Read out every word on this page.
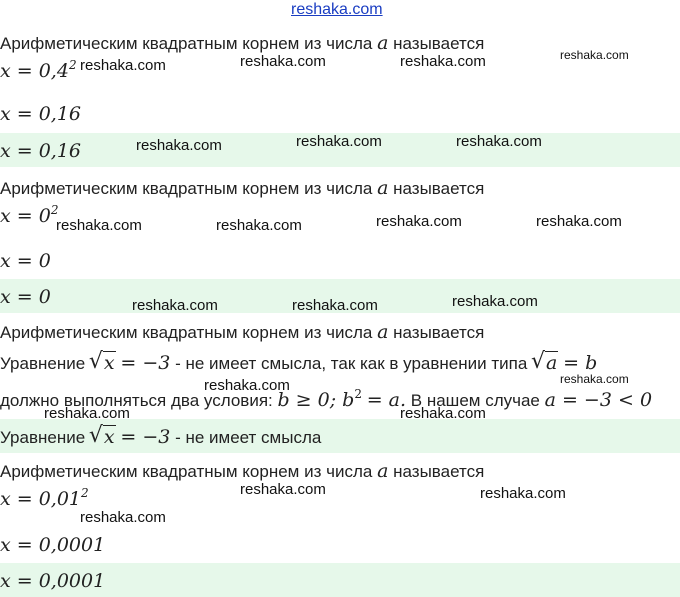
reshaka.com
Арифметическим квадратным корнем из числа a называется
$x = 0,4^2$
x = 0,16
x = 0,16
Арифметическим квадратным корнем из числа a называется
$x = 0^2$
x = 0
x = 0
Арифметическим квадратным корнем из числа a называется
Уравнение √ x = −3 - не имеет смысла, так как в уравнении типа √ a = b
должно выполняться два условия: b ≥ 0; $b^2 = a$. В нашем случае a = −3 < 0
Уравнение √ x = −3 - не имеет смысла
Арифметическим квадратным корнем из числа a называется
$x = 0,01^2$
x = 0,0001
x = 0,0001
reshaka.com	reshaka.com	reshaka.com	reshaka.com
reshaka.com	reshaka.com	reshaka.com
reshaka.com	reshaka.com	reshaka.com	reshaka.com
reshaka.com	reshaka.com	reshaka.com
reshaka.com	reshaka.com
reshaka.com	reshaka.com
reshaka.com	reshaka.com
reshaka.com
